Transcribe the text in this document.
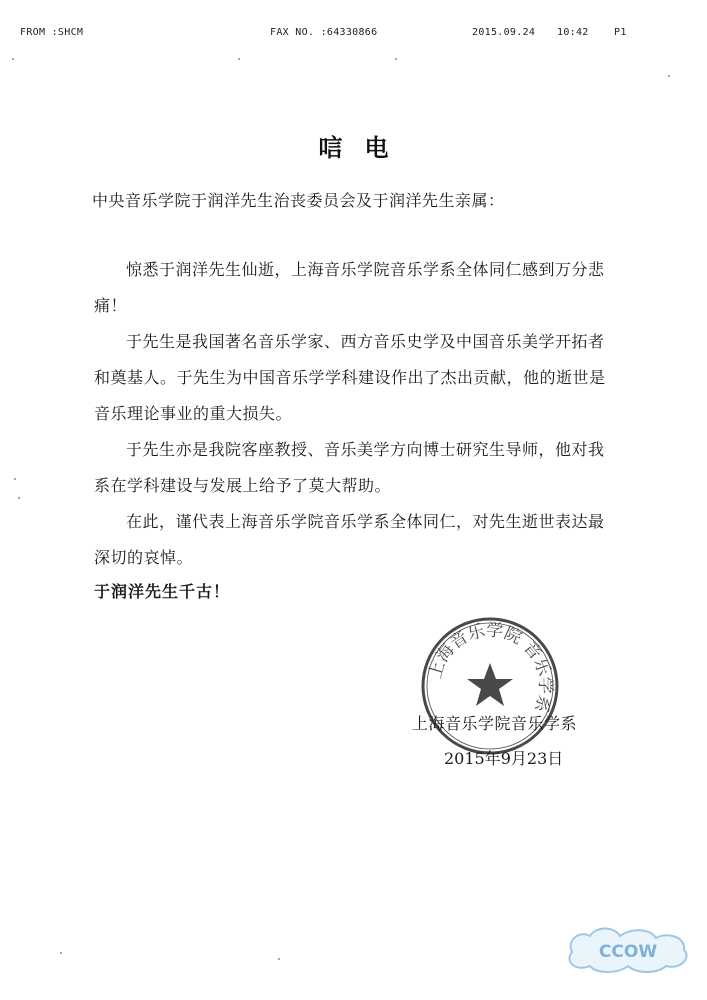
FROM :SHCM	FAX NO. :64330866	2015.09.24 10:42	P1
唁电
中央音乐学院于润洋先生治丧委员会及于润洋先生亲属：
惊悉于润洋先生仙逝，上海音乐学院音乐学系全体同仁感到万分悲痛！
于先生是我国著名音乐学家、西方音乐史学及中国音乐美学开拓者和奠基人。于先生为中国音乐学学科建设作出了杰出贡献，他的逝世是音乐理论事业的重大损失。
于先生亦是我院客座教授、音乐美学方向博士研究生导师，他对我系在学科建设与发展上给予了莫大帮助。
在此，谨代表上海音乐学院音乐学系全体同仁，对先生逝世表达最深切的哀悼。
于润洋先生千古！
上海音乐学院 音乐学系
上海音乐学院音乐学系
2015年9月23日
CCOW
